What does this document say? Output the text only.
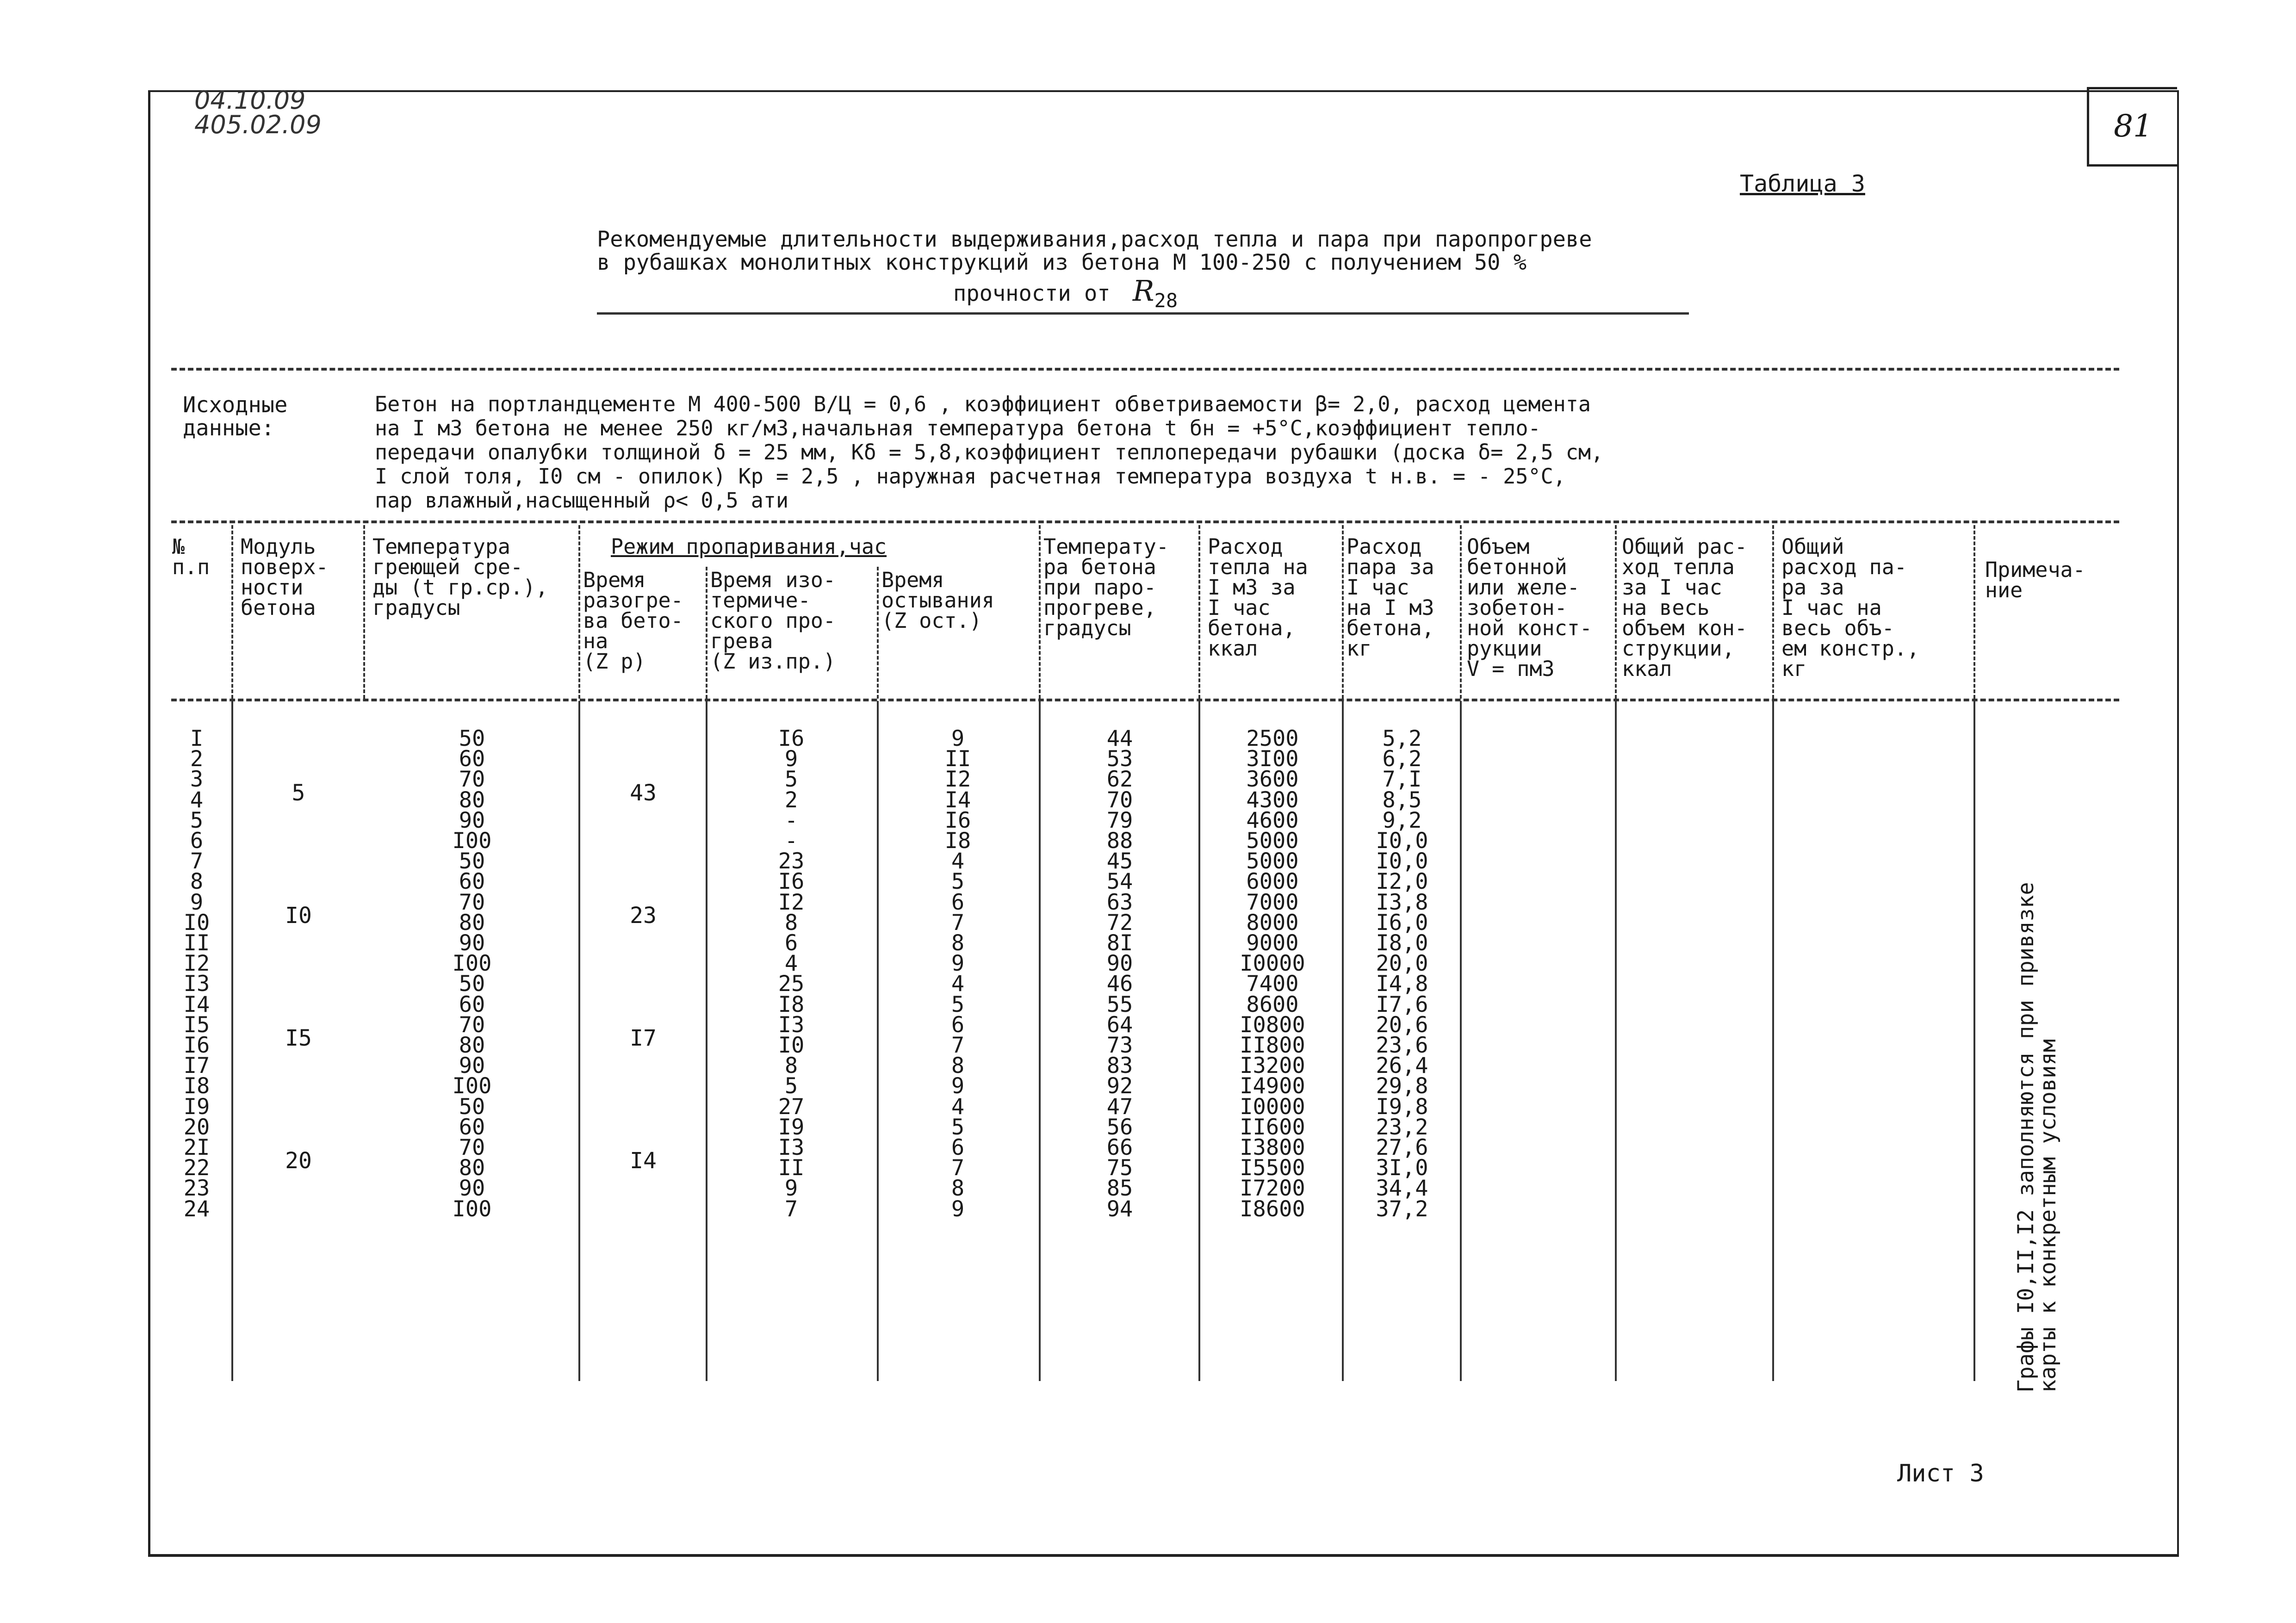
04.10.09
405.02.09	81
Таблица 3
Рекомендуемые длительности выдерживания,расход тепла и пара при паропрогреве
в рубашках монолитных конструкций из бетона М 100-250 с получением 50 %
прочности от R28
Исходные
данные:
Бетон на портландцементе М 400-500 В/Ц = 0,6 , коэффициент обветриваемости β= 2,0, расход цемента
на I м3 бетона не менее 250 кг/м3,начальная температура бетона t бн = +5°С,коэффициент тепло-
передачи опалубки толщиной δ = 25 мм, Kδ = 5,8,коэффициент теплопередачи рубашки (доска δ= 2,5 см,
I слой толя, I0 см - опилок) Кр = 2,5 , наружная расчетная температура воздуха t н.в. = - 25°С,
пар влажный,насыщенный ρ< 0,5 ати
№
п.п
Модуль
поверх-
ности
бетона
Температура
греющей сре-
ды (t гр.ср.),
градусы
Режим пропаривания,час
Время
разогре-
ва бето-
на
(Z р)
Время изо-
термиче-
ского про-
грева
(Z из.пр.)
Время
остывания
(Z ост.)
Температу-
ра бетона
при паро-
прогреве,
градусы
Расход
тепла на
I м3 за
I час
бетона,
ккал
Расход
пара за
I час
на I м3
бетона,
кг
Объем
бетонной
или желе-
зобетон-
ной конст-
рукции
V = пм3
Общий рас-
ход тепла
за I час
на весь
объем кон-
струкции,
ккал
Общий
расход па-
ра за
I час на
весь объ-
ем констр.,
кг
Примеча-
ние
I
2
3
4
5
6
7
8
9
I0
II
I2
I3
I4
I5
I6
I7
I8
I9
20
2I
22
23
24
50
60
70
80
90
I00
50
60
70
80
90
I00
50
60
70
80
90
I00
50
60
70
80
90
I00
I6
9
5
2
-
-
23
I6
I2
8
6
4
25
I8
I3
I0
8
5
27
I9
I3
II
9
7
9
II
I2
I4
I6
I8
4
5
6
7
8
9
4
5
6
7
8
9
4
5
6
7
8
9
44
53
62
70
79
88
45
54
63
72
8I
90
46
55
64
73
83
92
47
56
66
75
85
94
2500
3I00
3600
4300
4600
5000
5000
6000
7000
8000
9000
I0000
7400
8600
I0800
II800
I3200
I4900
I0000
II600
I3800
I5500
I7200
I8600
5,2
6,2
7,I
8,5
9,2
I0,0
I0,0
I2,0
I3,8
I6,0
I8,0
20,0
I4,8
I7,6
20,6
23,6
26,4
29,8
I9,8
23,2
27,6
3I,0
34,4
37,2
5
I0
I5
20
43
23
I7
I4	Графы I0,II,I2 заполняются при привязке
карты к конкретным условиям
Лист 3
